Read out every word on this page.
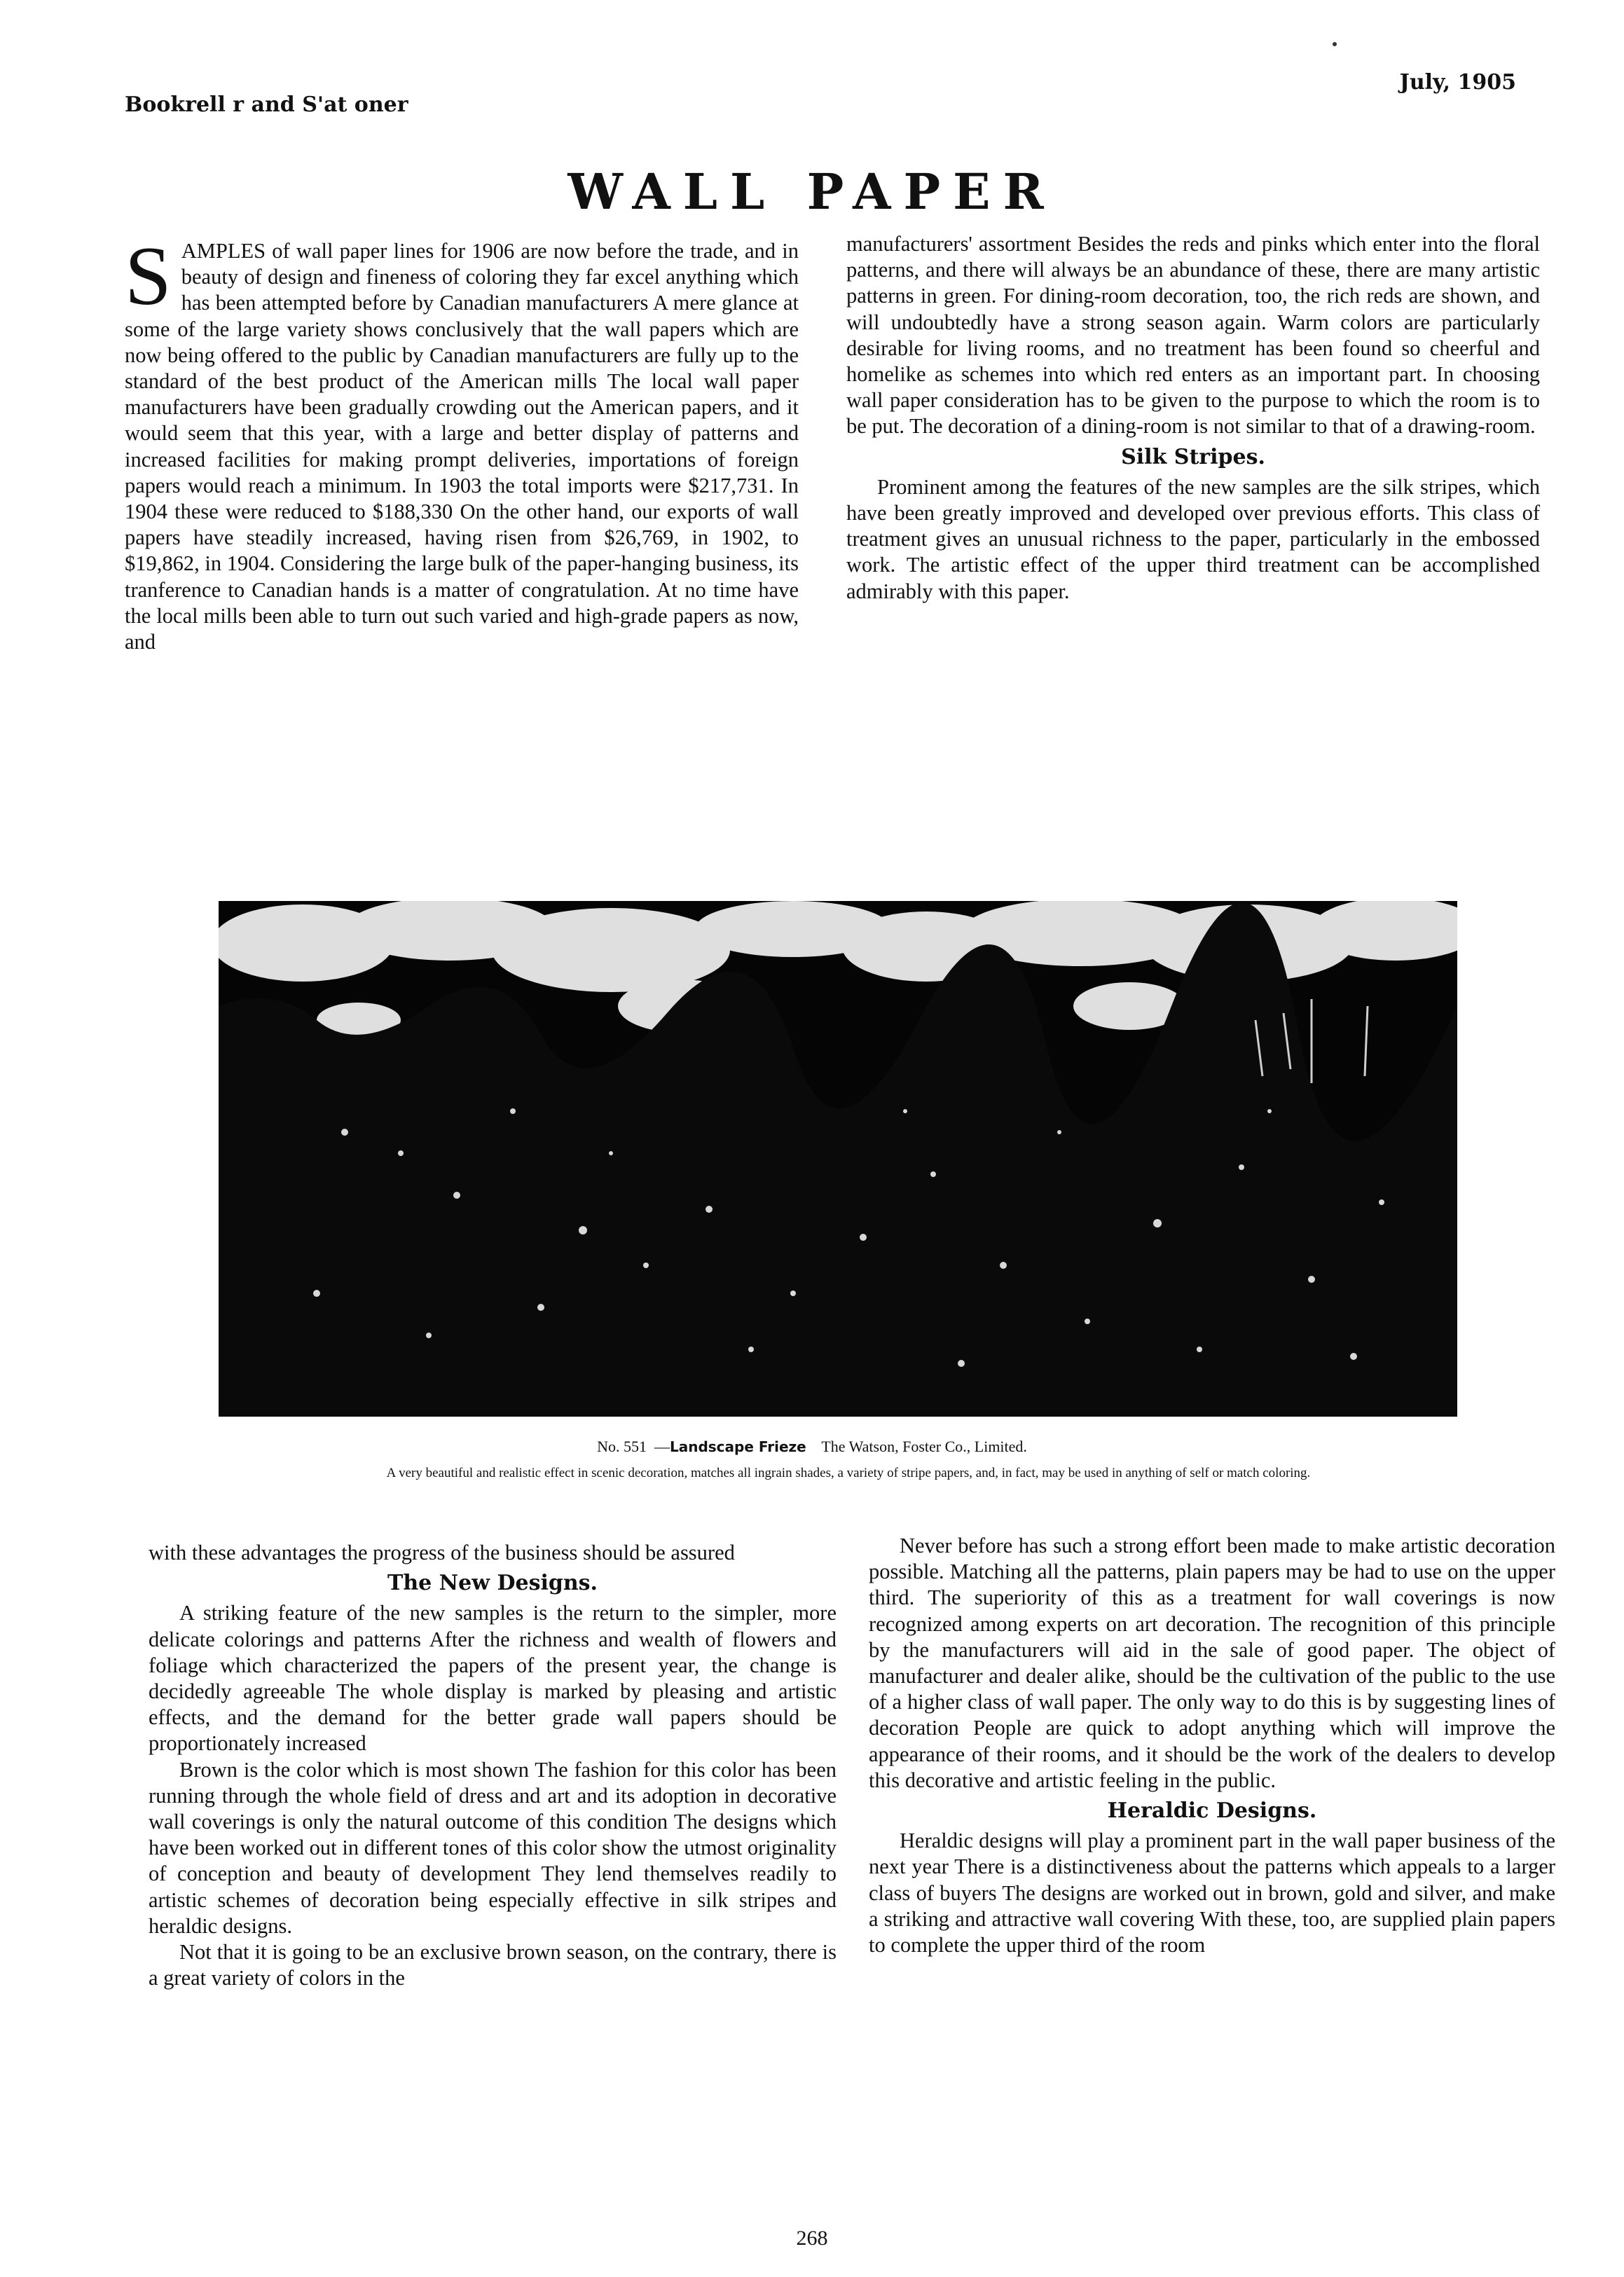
Bookrell r and S'at oner
July, 1905
WALL PAPER

S AMPLES of wall paper lines for 1906 are now before the trade, and in beauty of design and fineness of coloring they far excel anything which has been attempted before by Canadian manufacturers A mere glance at some of the large variety shows conclusively that the wall papers which are now being offered to the public by Canadian manufacturers are fully up to the standard of the best product of the American mills The local wall paper manufacturers have been gradually crowding out the American papers, and it would seem that this year, with a large and better display of patterns and increased facilities for making prompt deliveries, importations of foreign papers would reach a minimum. In 1903 the total imports were $217,731. In 1904 these were reduced to $188,330 On the other hand, our exports of wall papers have steadily increased, having risen from $26,769, in 1902, to $19,862, in 1904. Considering the large bulk of the paper-hanging business, its tranference to Canadian hands is a matter of congratulation. At no time have the local mills been able to turn out such varied and high-grade papers as now, and

manufacturers' assortment Besides the reds and pinks which enter into the floral patterns, and there will always be an abundance of these, there are many artistic patterns in green. For dining-room decoration, too, the rich reds are shown, and will undoubtedly have a strong season again. Warm colors are particularly desirable for living rooms, and no treatment has been found so cheerful and homelike as schemes into which red enters as an important part. In choosing wall paper consideration has to be given to the purpose to which the room is to be put. The decoration of a dining-room is not similar to that of a drawing-room.

Silk Stripes.

Prominent among the features of the new samples are the silk stripes, which have been greatly improved and developed over previous efforts. This class of treatment gives an unusual richness to the paper, particularly in the embossed work. The artistic effect of the upper third treatment can be accomplished admirably with this paper.

No. 551  —Landscape Frieze The Watson, Foster Co., Limited.
A very beautiful and realistic effect in scenic decoration, matches all ingrain shades, a variety of stripe papers, and, in fact, may be used in anything of self or match coloring.

with these advantages the progress of the business should be assured

The New Designs.

A striking feature of the new samples is the return to the simpler, more delicate colorings and patterns After the richness and wealth of flowers and foliage which characterized the papers of the present year, the change is decidedly agreeable The whole display is marked by pleasing and artistic effects, and the demand for the better grade wall papers should be proportionately increased

Brown is the color which is most shown The fashion for this color has been running through the whole field of dress and art and its adoption in decorative wall coverings is only the natural outcome of this condition The designs which have been worked out in different tones of this color show the utmost originality of conception and beauty of development They lend themselves readily to artistic schemes of decoration being especially effective in silk stripes and heraldic designs.

Not that it is going to be an exclusive brown season, on the contrary, there is a great variety of colors in the

Never before has such a strong effort been made to make artistic decoration possible. Matching all the patterns, plain papers may be had to use on the upper third. The superiority of this as a treatment for wall coverings is now recognized among experts on art decoration. The recognition of this principle by the manufacturers will aid in the sale of good paper. The object of manufacturer and dealer alike, should be the cultivation of the public to the use of a higher class of wall paper. The only way to do this is by suggesting lines of decoration People are quick to adopt anything which will improve the appearance of their rooms, and it should be the work of the dealers to develop this decorative and artistic feeling in the public.

Heraldic Designs.

Heraldic designs will play a prominent part in the wall paper business of the next year There is a distinctiveness about the patterns which appeals to a larger class of buyers The designs are worked out in brown, gold and silver, and make a striking and attractive wall covering With these, too, are supplied plain papers to complete the upper third of the room

268
